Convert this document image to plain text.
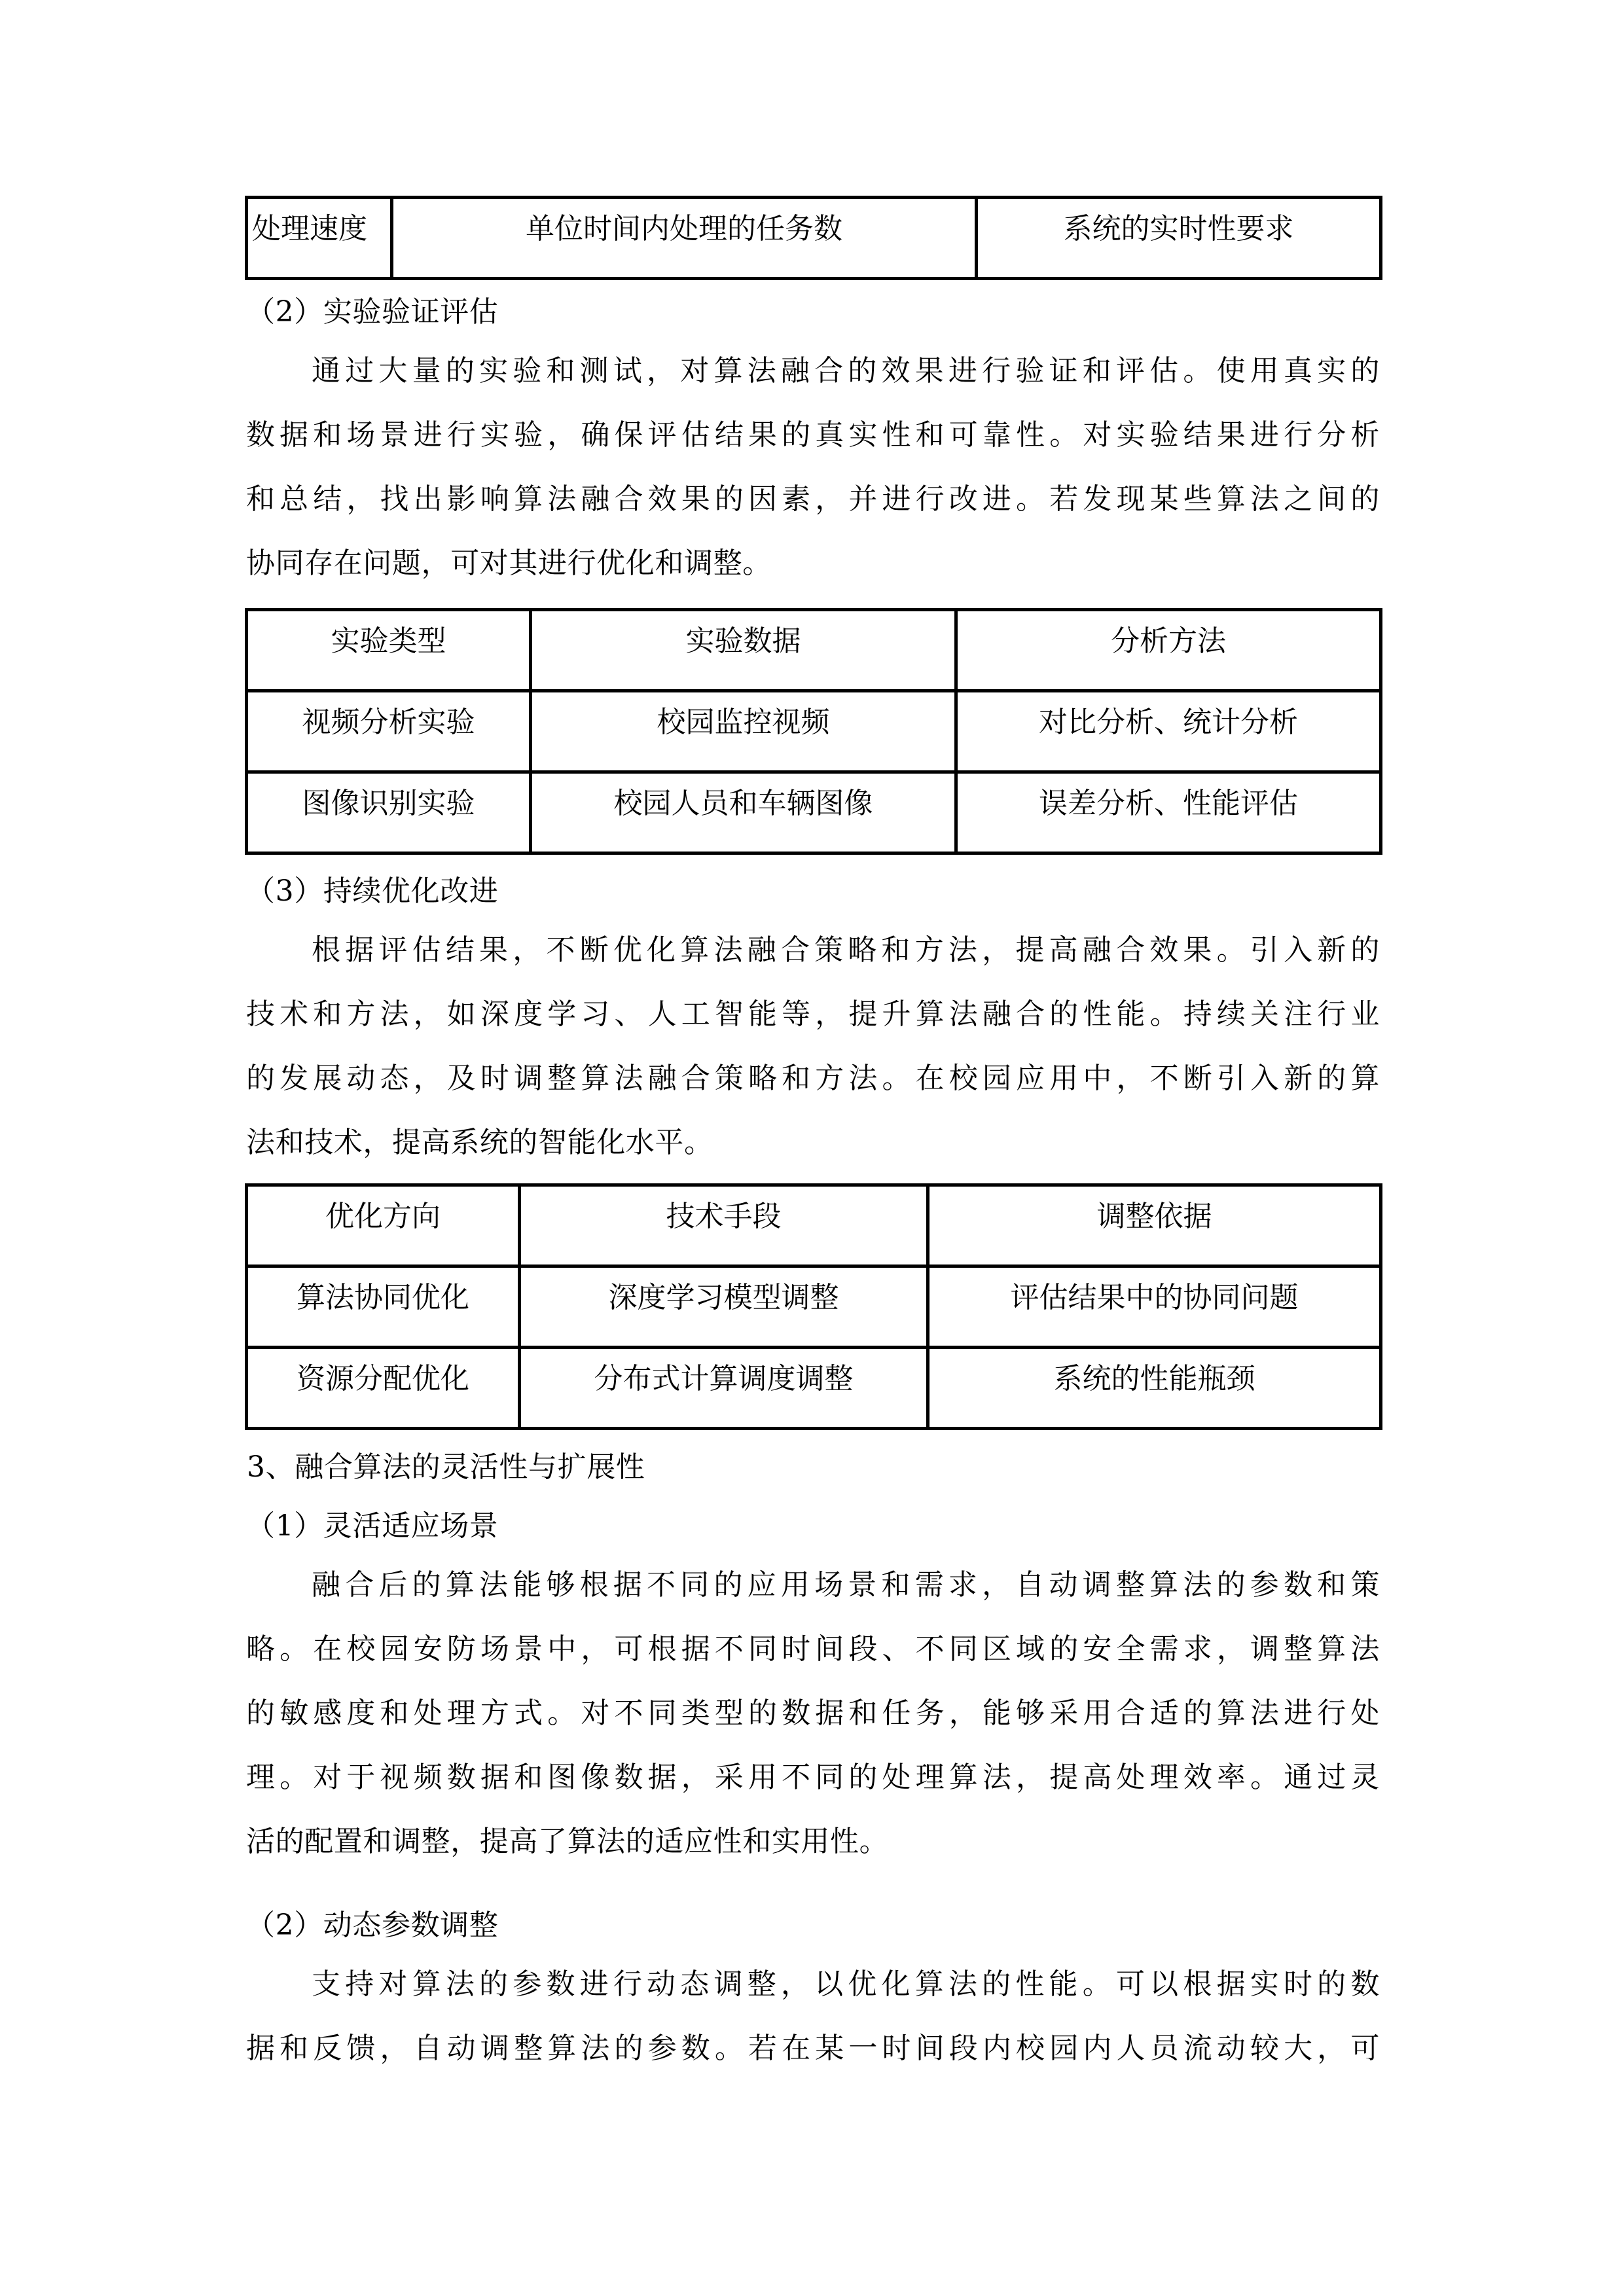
处理速度	单位时间内处理的任务数	系统的实时性要求
（2）实验验证评估
通过大量的实验和测试，对算法融合的效果进行验证和评估。使用真实的
数据和场景进行实验，确保评估结果的真实性和可靠性。对实验结果进行分析
和总结，找出影响算法融合效果的因素，并进行改进。若发现某些算法之间的
协同存在问题，可对其进行优化和调整。
实验类型	实验数据	分析方法
视频分析实验	校园监控视频	对比分析、统计分析
图像识别实验	校园人员和车辆图像	误差分析、性能评估
（3）持续优化改进
根据评估结果，不断优化算法融合策略和方法，提高融合效果。引入新的
技术和方法，如深度学习、人工智能等，提升算法融合的性能。持续关注行业
的发展动态，及时调整算法融合策略和方法。在校园应用中，不断引入新的算
法和技术，提高系统的智能化水平。
优化方向	技术手段	调整依据
算法协同优化	深度学习模型调整	评估结果中的协同问题
资源分配优化	分布式计算调度调整	系统的性能瓶颈
3、融合算法的灵活性与扩展性
（1）灵活适应场景
融合后的算法能够根据不同的应用场景和需求，自动调整算法的参数和策
略。在校园安防场景中，可根据不同时间段、不同区域的安全需求，调整算法
的敏感度和处理方式。对不同类型的数据和任务，能够采用合适的算法进行处
理。对于视频数据和图像数据，采用不同的处理算法，提高处理效率。通过灵
活的配置和调整，提高了算法的适应性和实用性。
（2）动态参数调整
支持对算法的参数进行动态调整，以优化算法的性能。可以根据实时的数
据和反馈，自动调整算法的参数。若在某一时间段内校园内人员流动较大，可
